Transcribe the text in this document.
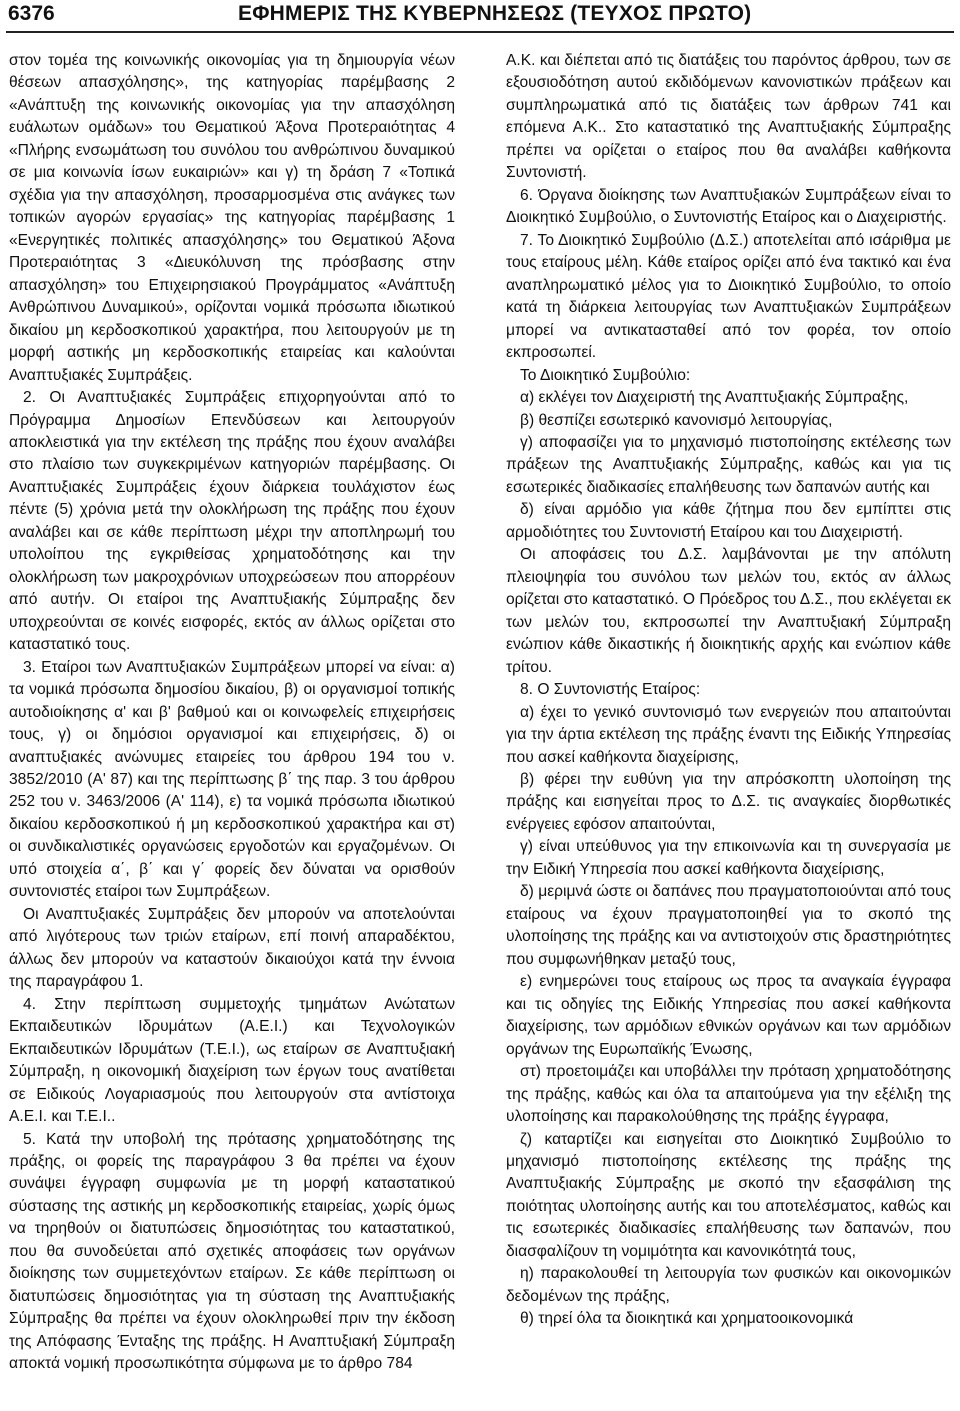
6376	ΕΦΗΜΕΡΙΣ ΤΗΣ ΚΥΒΕΡΝΗΣΕΩΣ (ΤΕΥΧΟΣ ΠΡΩΤΟ)

στον τομέα της κοινωνικής οικονομίας για τη δημιουργία νέων θέσεων απασχόλησης», της κατηγορίας παρέμβασης 2 «Ανάπτυξη της κοινωνικής οικονομίας για την απασχόληση ευάλωτων ομάδων» του Θεματικού Άξονα Προτεραιότητας 4 «Πλήρης ενσωμάτωση του συνόλου του ανθρώπινου δυναμικού σε μια κοινωνία ίσων ευκαιριών» και γ) τη δράση 7 «Τοπικά σχέδια για την απασχόληση, προσαρμοσμένα στις ανάγκες των τοπικών αγορών εργασίας» της κατηγορίας παρέμβασης 1 «Ενεργητικές πολιτικές απασχόλησης» του Θεματικού Άξονα Προτεραιότητας 3 «Διευκόλυνση της πρόσβασης στην απασχόληση» του Επιχειρησιακού Προγράμματος «Ανάπτυξη Ανθρώπινου Δυναμικού», ορίζονται νομικά πρόσωπα ιδιωτικού δικαίου μη κερδοσκοπικού χαρακτήρα, που λειτουργούν με τη μορφή αστικής μη κερδοσκοπικής εταιρείας και καλούνται Αναπτυξιακές Συμπράξεις.

2. Οι Αναπτυξιακές Συμπράξεις επιχορηγούνται από το Πρόγραμμα Δημοσίων Επενδύσεων και λειτουργούν αποκλειστικά για την εκτέλεση της πράξης που έχουν αναλάβει στο πλαίσιο των συγκεκριμένων κατηγοριών παρέμβασης. Οι Αναπτυξιακές Συμπράξεις έχουν διάρκεια τουλάχιστον έως πέντε (5) χρόνια μετά την ολοκλήρωση της πράξης που έχουν αναλάβει και σε κάθε περίπτωση μέχρι την αποπληρωμή του υπολοίπου της εγκριθείσας χρηματοδότησης και την ολοκλήρωση των μακροχρόνιων υποχρεώσεων που απορρέουν από αυτήν. Οι εταίροι της Αναπτυξιακής Σύμπραξης δεν υποχρεούνται σε κοινές εισφορές, εκτός αν άλλως ορίζεται στο καταστατικό τους.

3. Εταίροι των Αναπτυξιακών Συμπράξεων μπορεί να είναι: α) τα νομικά πρόσωπα δημοσίου δικαίου, β) οι οργανισμοί τοπικής αυτοδιοίκησης α' και β' βαθμού και οι κοινωφελείς επιχειρήσεις τους, γ) οι δημόσιοι οργανισμοί και επιχειρήσεις, δ) οι αναπτυξιακές ανώνυμες εταιρείες του άρθρου 194 του ν. 3852/2010 (Α' 87) και της περίπτωσης β΄ της παρ. 3 του άρθρου 252 του ν. 3463/2006 (Α' 114), ε) τα νομικά πρόσωπα ιδιωτικού δικαίου κερδοσκοπικού ή μη κερδοσκοπικού χαρακτήρα και στ) οι συνδικαλιστικές οργανώσεις εργοδοτών και εργαζομένων. Οι υπό στοιχεία α΄, β΄ και γ΄ φορείς δεν δύναται να ορισθούν συντονιστές εταίροι των Συμπράξεων.

Οι Αναπτυξιακές Συμπράξεις δεν μπορούν να αποτελούνται από λιγότερους των τριών εταίρων, επί ποινή απαραδέκτου, άλλως δεν μπορούν να καταστούν δικαιούχοι κατά την έννοια της παραγράφου 1.

4. Στην περίπτωση συμμετοχής τμημάτων Ανώτατων Εκπαιδευτικών Ιδρυμάτων (Α.Ε.Ι.) και Τεχνολογικών Εκπαιδευτικών Ιδρυμάτων (Τ.Ε.Ι.), ως εταίρων σε Αναπτυξιακή Σύμπραξη, η οικονομική διαχείριση των έργων τους ανατίθεται σε Ειδικούς Λογαριασμούς που λειτουργούν στα αντίστοιχα Α.Ε.Ι. και Τ.Ε.Ι..

5. Κατά την υποβολή της πρότασης χρηματοδότησης της πράξης, οι φορείς της παραγράφου 3 θα πρέπει να έχουν συνάψει έγγραφη συμφωνία με τη μορφή καταστατικού σύστασης της αστικής μη κερδοσκοπικής εταιρείας, χωρίς όμως να τηρηθούν οι διατυπώσεις δημοσιότητας του καταστατικού, που θα συνοδεύεται από σχετικές αποφάσεις των οργάνων διοίκησης των συμμετεχόντων εταίρων. Σε κάθε περίπτωση οι διατυπώσεις δημοσιότητας για τη σύσταση της Αναπτυξιακής Σύμπραξης θα πρέπει να έχουν ολοκληρωθεί πριν την έκδοση της Απόφασης Ένταξης της πράξης. Η Αναπτυξιακή Σύμπραξη αποκτά νομική προσωπικότητα σύμφωνα με το άρθρο 784

Α.Κ. και διέπεται από τις διατάξεις του παρόντος άρθρου, των σε εξουσιοδότηση αυτού εκδιδόμενων κανονιστικών πράξεων και συμπληρωματικά από τις διατάξεις των άρθρων 741 και επόμενα Α.Κ.. Στο καταστατικό της Αναπτυξιακής Σύμπραξης πρέπει να ορίζεται ο εταίρος που θα αναλάβει καθήκοντα Συντονιστή.

6. Όργανα διοίκησης των Αναπτυξιακών Συμπράξεων είναι το Διοικητικό Συμβούλιο, ο Συντονιστής Εταίρος και ο Διαχειριστής.

7. Το Διοικητικό Συμβούλιο (Δ.Σ.) αποτελείται από ισάριθμα με τους εταίρους μέλη. Κάθε εταίρος ορίζει από ένα τακτικό και ένα αναπληρωματικό μέλος για το Διοικητικό Συμβούλιο, το οποίο κατά τη διάρκεια λειτουργίας των Αναπτυξιακών Συμπράξεων μπορεί να αντικατασταθεί από τον φορέα, τον οποίο εκπροσωπεί.

Το Διοικητικό Συμβούλιο:

α) εκλέγει τον Διαχειριστή της Αναπτυξιακής Σύμπραξης,

β) θεσπίζει εσωτερικό κανονισμό λειτουργίας,

γ) αποφασίζει για το μηχανισμό πιστοποίησης εκτέλεσης των πράξεων της Αναπτυξιακής Σύμπραξης, καθώς και για τις εσωτερικές διαδικασίες επαλήθευσης των δαπανών αυτής και

δ) είναι αρμόδιο για κάθε ζήτημα που δεν εμπίπτει στις αρμοδιότητες του Συντονιστή Εταίρου και του Διαχειριστή.

Οι αποφάσεις του Δ.Σ. λαμβάνονται με την απόλυτη πλειοψηφία του συνόλου των μελών του, εκτός αν άλλως ορίζεται στο καταστατικό. Ο Πρόεδρος του Δ.Σ., που εκλέγεται εκ των μελών του, εκπροσωπεί την Αναπτυξιακή Σύμπραξη ενώπιον κάθε δικαστικής ή διοικητικής αρχής και ενώπιον κάθε τρίτου.

8. Ο Συντονιστής Εταίρος:

α) έχει το γενικό συντονισμό των ενεργειών που απαιτούνται για την άρτια εκτέλεση της πράξης έναντι της Ειδικής Υπηρεσίας που ασκεί καθήκοντα διαχείρισης,

β) φέρει την ευθύνη για την απρόσκοπτη υλοποίηση της πράξης και εισηγείται προς το Δ.Σ. τις αναγκαίες διορθωτικές ενέργειες εφόσον απαιτούνται,

γ) είναι υπεύθυνος για την επικοινωνία και τη συνεργασία με την Ειδική Υπηρεσία που ασκεί καθήκοντα διαχείρισης,

δ) μεριμνά ώστε οι δαπάνες που πραγματοποιούνται από τους εταίρους να έχουν πραγματοποιηθεί για το σκοπό της υλοποίησης της πράξης και να αντιστοιχούν στις δραστηριότητες που συμφωνήθηκαν μεταξύ τους,

ε) ενημερώνει τους εταίρους ως προς τα αναγκαία έγγραφα και τις οδηγίες της Ειδικής Υπηρεσίας που ασκεί καθήκοντα διαχείρισης, των αρμόδιων εθνικών οργάνων και των αρμόδιων οργάνων της Ευρωπαϊκής Ένωσης,

στ) προετοιμάζει και υποβάλλει την πρόταση χρηματοδότησης της πράξης, καθώς και όλα τα απαιτούμενα για την εξέλιξη της υλοποίησης και παρακολούθησης της πράξης έγγραφα,

ζ) καταρτίζει και εισηγείται στο Διοικητικό Συμβούλιο το μηχανισμό πιστοποίησης εκτέλεσης της πράξης της Αναπτυξιακής Σύμπραξης με σκοπό την εξασφάλιση της ποιότητας υλοποίησης αυτής και του αποτελέσματος, καθώς και τις εσωτερικές διαδικασίες επαλήθευσης των δαπανών, που διασφαλίζουν τη νομιμότητα και κανονικότητά τους,

η) παρακολουθεί τη λειτουργία των φυσικών και οικονομικών δεδομένων της πράξης,

θ) τηρεί όλα τα διοικητικά και χρηματοοικονομικά
